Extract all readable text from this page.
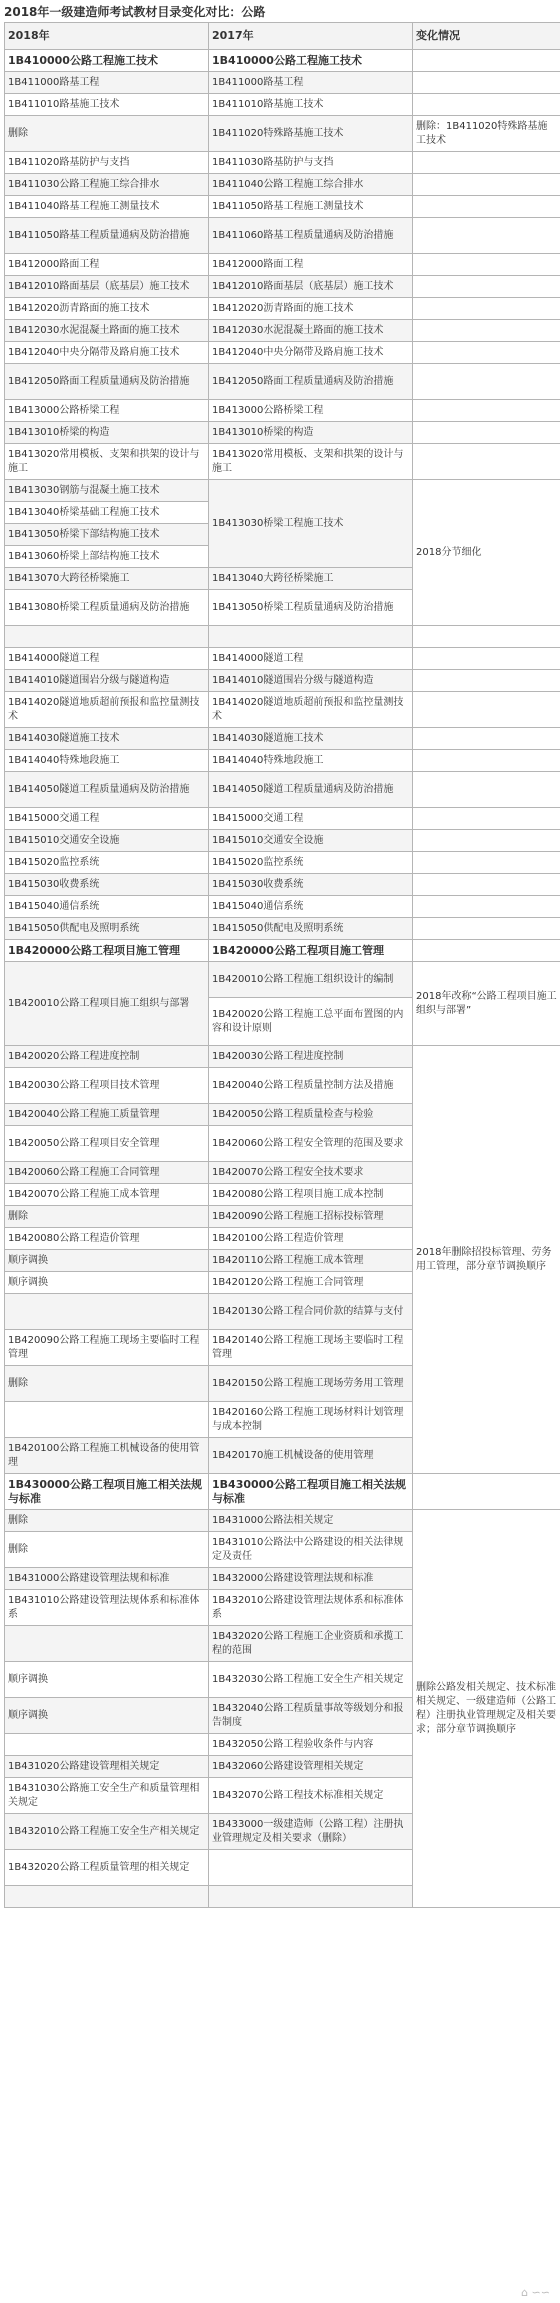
2018年一级建造师考试教材目录变化对比：公路
2018年	2017年	变化情况
1B410000公路工程施工技术	1B410000公路工程施工技术	
1B411000路基工程	1B411000路基工程	
1B411010路基施工技术	1B411010路基施工技术	
删除	1B411020特殊路基施工技术	删除：1B411020特殊路基施工技术
1B411020路基防护与支挡	1B411030路基防护与支挡	
1B411030公路工程施工综合排水	1B411040公路工程施工综合排水	
1B411040路基工程施工测量技术	1B411050路基工程施工测量技术	
1B411050路基工程质量通病及防治措施	1B411060路基工程质量通病及防治措施	
1B412000路面工程	1B412000路面工程	
1B412010路面基层（底基层）施工技术	1B412010路面基层（底基层）施工技术	
1B412020沥青路面的施工技术	1B412020沥青路面的施工技术	
1B412030水泥混凝土路面的施工技术	1B412030水泥混凝土路面的施工技术	
1B412040中央分隔带及路肩施工技术	1B412040中央分隔带及路肩施工技术	
1B412050路面工程质量通病及防治措施	1B412050路面工程质量通病及防治措施	
1B413000公路桥梁工程	1B413000公路桥梁工程	
1B413010桥梁的构造	1B413010桥梁的构造	
1B413020常用模板、支架和拱架的设计与施工	1B413020常用模板、支架和拱架的设计与施工	
1B413030钢筋与混凝土施工技术	1B413030桥梁工程施工技术	2018分节细化
1B413040桥梁基础工程施工技术		
1B413050桥梁下部结构施工技术		
1B413060桥梁上部结构施工技术		
1B413070大跨径桥梁施工	1B413040大跨径桥梁施工	
1B413080桥梁工程质量通病及防治措施	1B413050桥梁工程质量通病及防治措施	

1B414000隧道工程	1B414000隧道工程	
1B414010隧道围岩分级与隧道构造	1B414010隧道围岩分级与隧道构造	
1B414020隧道地质超前预报和监控量测技术	1B414020隧道地质超前预报和监控量测技术	
1B414030隧道施工技术	1B414030隧道施工技术	
1B414040特殊地段施工	1B414040特殊地段施工	
1B414050隧道工程质量通病及防治措施	1B414050隧道工程质量通病及防治措施	
1B415000交通工程	1B415000交通工程	
1B415010交通安全设施	1B415010交通安全设施	
1B415020监控系统	1B415020监控系统	
1B415030收费系统	1B415030收费系统	
1B415040通信系统	1B415040通信系统	
1B415050供配电及照明系统	1B415050供配电及照明系统	
1B420000公路工程项目施工管理	1B420000公路工程项目施工管理	
1B420010公路工程项目施工组织与部署	1B420010公路工程施工组织设计的编制	2018年改称“公路工程项目施工组织与部署”
	1B420020公路工程施工总平面布置图的内容和设计原则	
1B420020公路工程进度控制	1B420030公路工程进度控制	2018年删除招投标管理、劳务用工管理，部分章节调换顺序
1B420030公路工程项目技术管理	1B420040公路工程质量控制方法及措施	
1B420040公路工程施工质量管理	1B420050公路工程质量检查与检验	
1B420050公路工程项目安全管理	1B420060公路工程安全管理的范围及要求	
1B420060公路工程施工合同管理	1B420070公路工程安全技术要求	
1B420070公路工程施工成本管理	1B420080公路工程项目施工成本控制	
删除	1B420090公路工程施工招标投标管理	
1B420080公路工程造价管理	1B420100公路工程造价管理	
顺序调换	1B420110公路工程施工成本管理	
顺序调换	1B420120公路工程施工合同管理	
	1B420130公路工程合同价款的结算与支付	
1B420090公路工程施工现场主要临时工程管理	1B420140公路工程施工现场主要临时工程管理	
删除	1B420150公路工程施工现场劳务用工管理	
	1B420160公路工程施工现场材料计划管理与成本控制	
1B420100公路工程施工机械设备的使用管理	1B420170施工机械设备的使用管理	
1B430000公路工程项目施工相关法规与标准	1B430000公路工程项目施工相关法规与标准	
删除	1B431000公路法相关规定	删除公路发相关规定、技术标准相关规定、一级建造师（公路工程）注册执业管理规定及相关要求；部分章节调换顺序
删除	1B431010公路法中公路建设的相关法律规定及责任	
1B431000公路建设管理法规和标准	1B432000公路建设管理法规和标准	
1B431010公路建设管理法规体系和标准体系	1B432010公路建设管理法规体系和标准体系	
	1B432020公路工程施工企业资质和承揽工程的范围	
顺序调换	1B432030公路工程施工安全生产相关规定	
顺序调换	1B432040公路工程质量事故等级划分和报告制度	
	1B432050公路工程验收条件与内容	
1B431020公路建设管理相关规定	1B432060公路建设管理相关规定	
1B431030公路施工安全生产和质量管理相关规定	1B432070公路工程技术标准相关规定	
1B432010公路工程施工安全生产相关规定	1B433000一级建造师（公路工程）注册执业管理规定及相关要求（删除）	
1B432020公路工程质量管理的相关规定		

⌂ ∽∽
